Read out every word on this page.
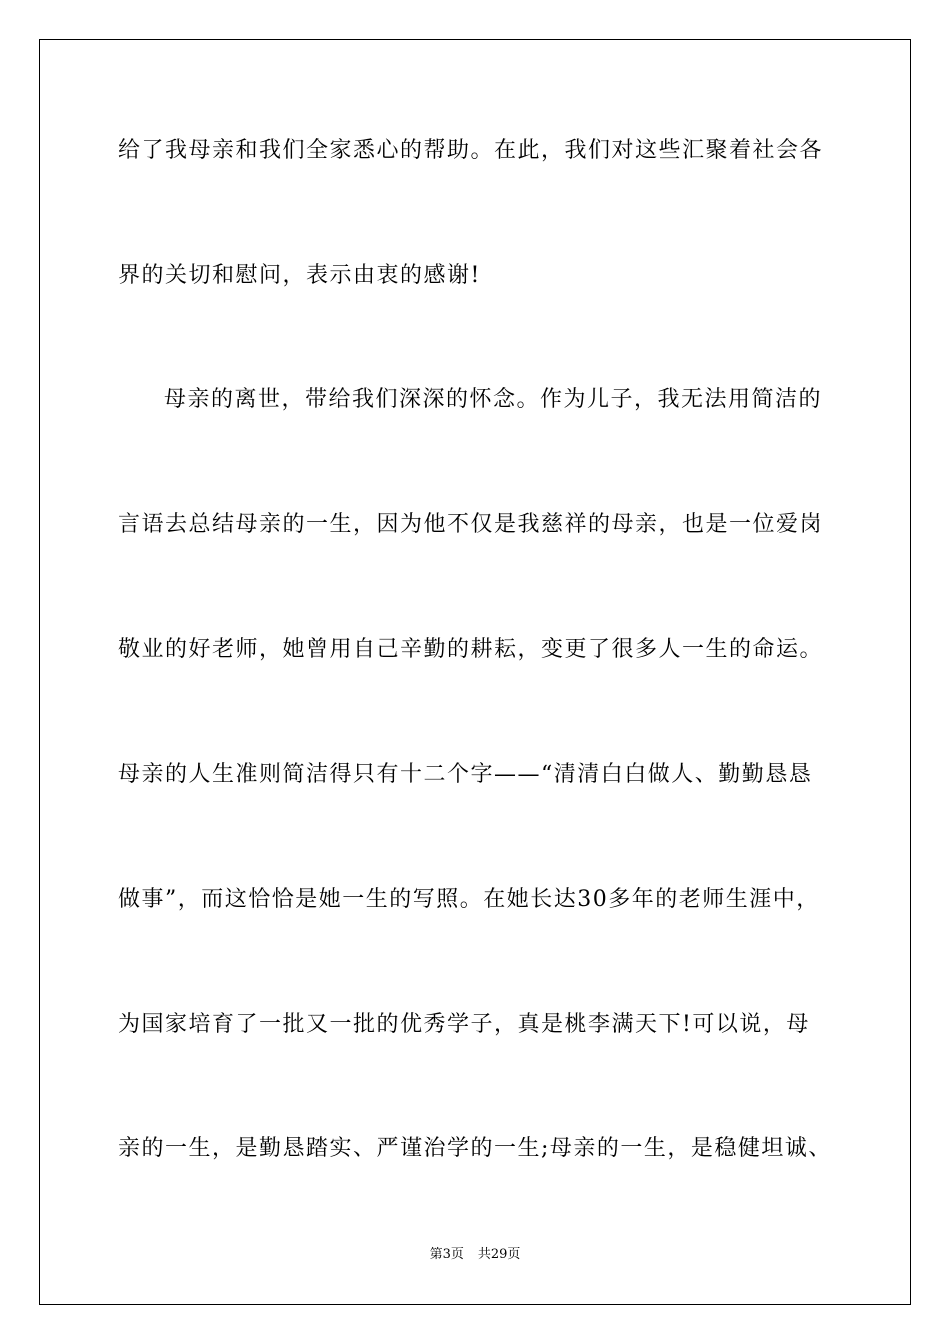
给了我母亲和我们全家悉心的帮助。在此，我们对这些汇聚着社会各

界的关切和慰问，表示由衷的感谢!

母亲的离世，带给我们深深的怀念。作为儿子，我无法用简洁的

言语去总结母亲的一生，因为他不仅是我慈祥的母亲，也是一位爱岗

敬业的好老师，她曾用自己辛勤的耕耘，变更了很多人一生的命运。

母亲的人生准则简洁得只有十二个字——“清清白白做人、勤勤恳恳

做事”，而这恰恰是她一生的写照。在她长达30多年的老师生涯中，

为国家培育了一批又一批的优秀学子，真是桃李满天下!可以说，母

亲的一生，是勤恳踏实、严谨治学的一生;母亲的一生，是稳健坦诚、

第3页 共29页
